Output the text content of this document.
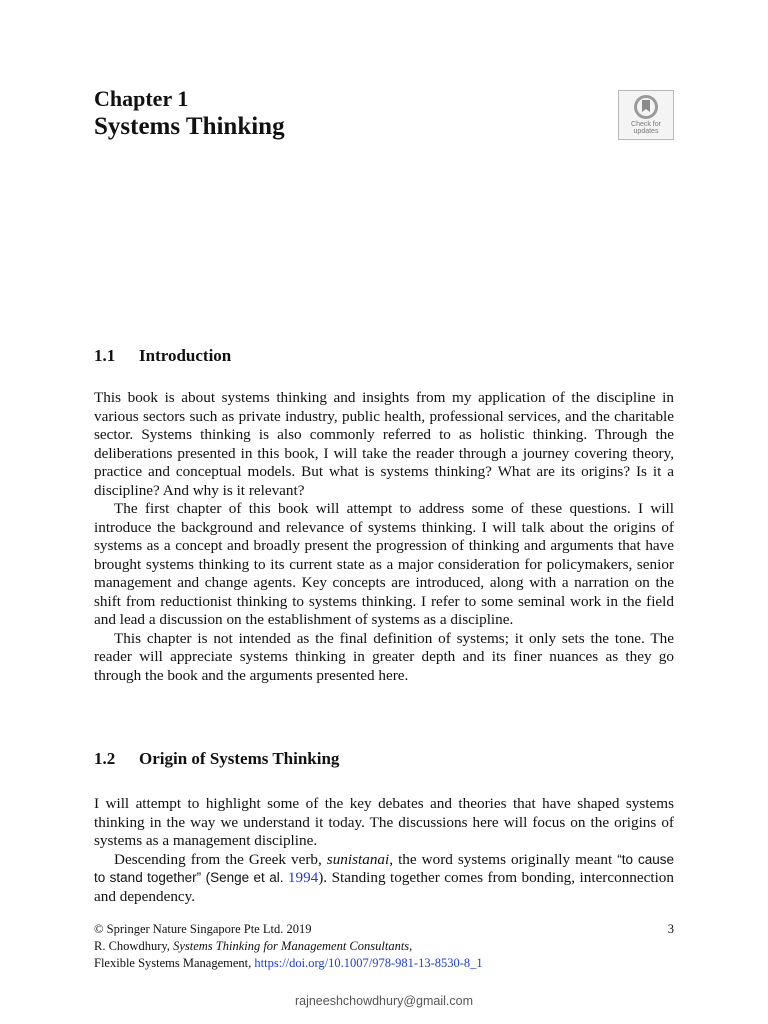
Chapter 1
Systems Thinking	Check for updates
1.1 Introduction

This book is about systems thinking and insights from my application of the discipline in various sectors such as private industry, public health, professional services, and the charitable sector. Systems thinking is also commonly referred to as holistic thinking. Through the deliberations presented in this book, I will take the reader through a journey covering theory, practice and conceptual models. But what is systems thinking? What are its origins? Is it a discipline? And why is it relevant?

The first chapter of this book will attempt to address some of these questions. I will introduce the background and relevance of systems thinking. I will talk about the origins of systems as a concept and broadly present the progression of thinking and arguments that have brought systems thinking to its current state as a major consideration for policymakers, senior management and change agents. Key concepts are introduced, along with a narration on the shift from reductionist thinking to systems thinking. I refer to some seminal work in the field and lead a discussion on the establishment of systems as a discipline.

This chapter is not intended as the final definition of systems; it only sets the tone. The reader will appreciate systems thinking in greater depth and its finer nuances as they go through the book and the arguments presented here.

1.2 Origin of Systems Thinking

I will attempt to highlight some of the key debates and theories that have shaped systems thinking in the way we understand it today. The discussions here will focus on the origins of systems as a management discipline.

Descending from the Greek verb, sunistanai, the word systems originally meant “to cause to stand together” (Senge et al. 1994). Standing together comes from bonding, interconnection and dependency.

© Springer Nature Singapore Pte Ltd. 2019	3
R. Chowdhury, Systems Thinking for Management Consultants,
Flexible Systems Management, https://doi.org/10.1007/978-981-13-8530-8_1
rajneeshchowdhury@gmail.com
